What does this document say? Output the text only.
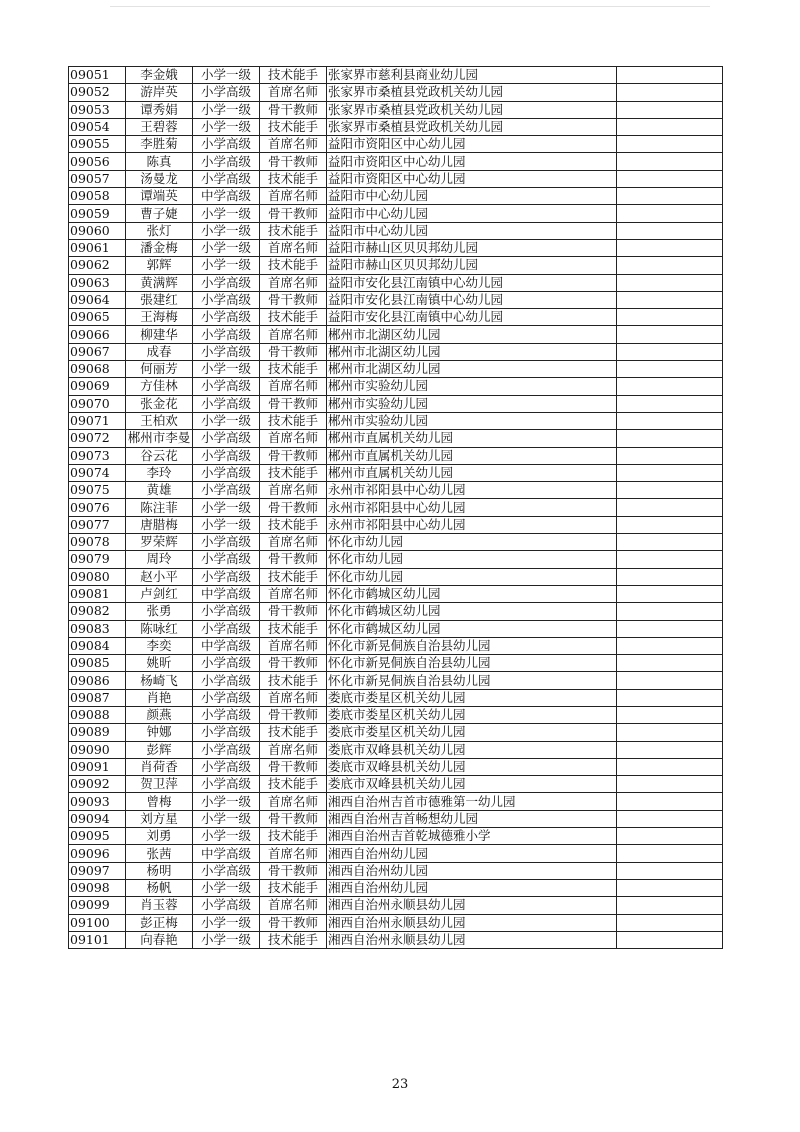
09051	李金娥	小学一级	技术能手	张家界市慈利县商业幼儿园	
09052	游岸英	小学高级	首席名师	张家界市桑植县党政机关幼儿园	
09053	谭秀娟	小学一级	骨干教师	张家界市桑植县党政机关幼儿园	
09054	王碧蓉	小学一级	技术能手	张家界市桑植县党政机关幼儿园	
09055	李胜菊	小学高级	首席名师	益阳市资阳区中心幼儿园	
09056	陈真	小学高级	骨干教师	益阳市资阳区中心幼儿园	
09057	汤曼龙	小学高级	技术能手	益阳市资阳区中心幼儿园	
09058	谭端英	中学高级	首席名师	益阳市中心幼儿园	
09059	曹子婕	小学一级	骨干教师	益阳市中心幼儿园	
09060	张灯	小学一级	技术能手	益阳市中心幼儿园	
09061	潘金梅	小学一级	首席名师	益阳市赫山区贝贝邦幼儿园	
09062	郭辉	小学一级	技术能手	益阳市赫山区贝贝邦幼儿园	
09063	黄满辉	小学高级	首席名师	益阳市安化县江南镇中心幼儿园	
09064	張建红	小学高级	骨干教师	益阳市安化县江南镇中心幼儿园	
09065	王海梅	小学高级	技术能手	益阳市安化县江南镇中心幼儿园	
09066	柳建华	小学高级	首席名师	郴州市北湖区幼儿园	
09067	成春	小学高级	骨干教师	郴州市北湖区幼儿园	
09068	何丽芳	小学一级	技术能手	郴州市北湖区幼儿园	
09069	方佳林	小学高级	首席名师	郴州市实验幼儿园	
09070	张金花	小学高级	骨干教师	郴州市实验幼儿园	
09071	王柏欢	小学一级	技术能手	郴州市实验幼儿园	
09072	郴州市李曼	小学高级	首席名师	郴州市直属机关幼儿园	
09073	谷云花	小学高级	骨干教师	郴州市直属机关幼儿园	
09074	李玲	小学高级	技术能手	郴州市直属机关幼儿园	
09075	黄雄	小学高级	首席名师	永州市祁阳县中心幼儿园	
09076	陈注菲	小学一级	骨干教师	永州市祁阳县中心幼儿园	
09077	唐腊梅	小学一级	技术能手	永州市祁阳县中心幼儿园	
09078	罗荣辉	小学高级	首席名师	怀化市幼儿园	
09079	周玲	小学高级	骨干教师	怀化市幼儿园	
09080	赵小平	小学高级	技术能手	怀化市幼儿园	
09081	卢剑红	中学高级	首席名师	怀化市鹤城区幼儿园	
09082	张勇	小学高级	骨干教师	怀化市鹤城区幼儿园	
09083	陈咏红	小学高级	技术能手	怀化市鹤城区幼儿园	
09084	李奕	中学高级	首席名师	怀化市新晃侗族自治县幼儿园	
09085	姚昕	小学高级	骨干教师	怀化市新晃侗族自治县幼儿园	
09086	杨崎飞	小学高级	技术能手	怀化市新晃侗族自治县幼儿园	
09087	肖艳	小学高级	首席名师	娄底市娄星区机关幼儿园	
09088	颜燕	小学高级	骨干教师	娄底市娄星区机关幼儿园	
09089	钟娜	小学高级	技术能手	娄底市娄星区机关幼儿园	
09090	彭辉	小学高级	首席名师	娄底市双峰县机关幼儿园	
09091	肖荷香	小学高级	骨干教师	娄底市双峰县机关幼儿园	
09092	贺卫萍	小学高级	技术能手	娄底市双峰县机关幼儿园	
09093	曾梅	小学一级	首席名师	湘西自治州吉首市德雅第一幼儿园	
09094	刘方星	小学一级	骨干教师	湘西自治州吉首畅想幼儿园	
09095	刘勇	小学一级	技术能手	湘西自治州吉首乾城德雅小学	
09096	张茜	中学高级	首席名师	湘西自治州幼儿园	
09097	杨明	小学高级	骨干教师	湘西自治州幼儿园	
09098	杨帆	小学一级	技术能手	湘西自治州幼儿园	
09099	肖玉蓉	小学高级	首席名师	湘西自治州永顺县幼儿园	
09100	彭正梅	小学一级	骨干教师	湘西自治州永顺县幼儿园	
09101	向春艳	小学一级	技术能手	湘西自治州永顺县幼儿园	
23
